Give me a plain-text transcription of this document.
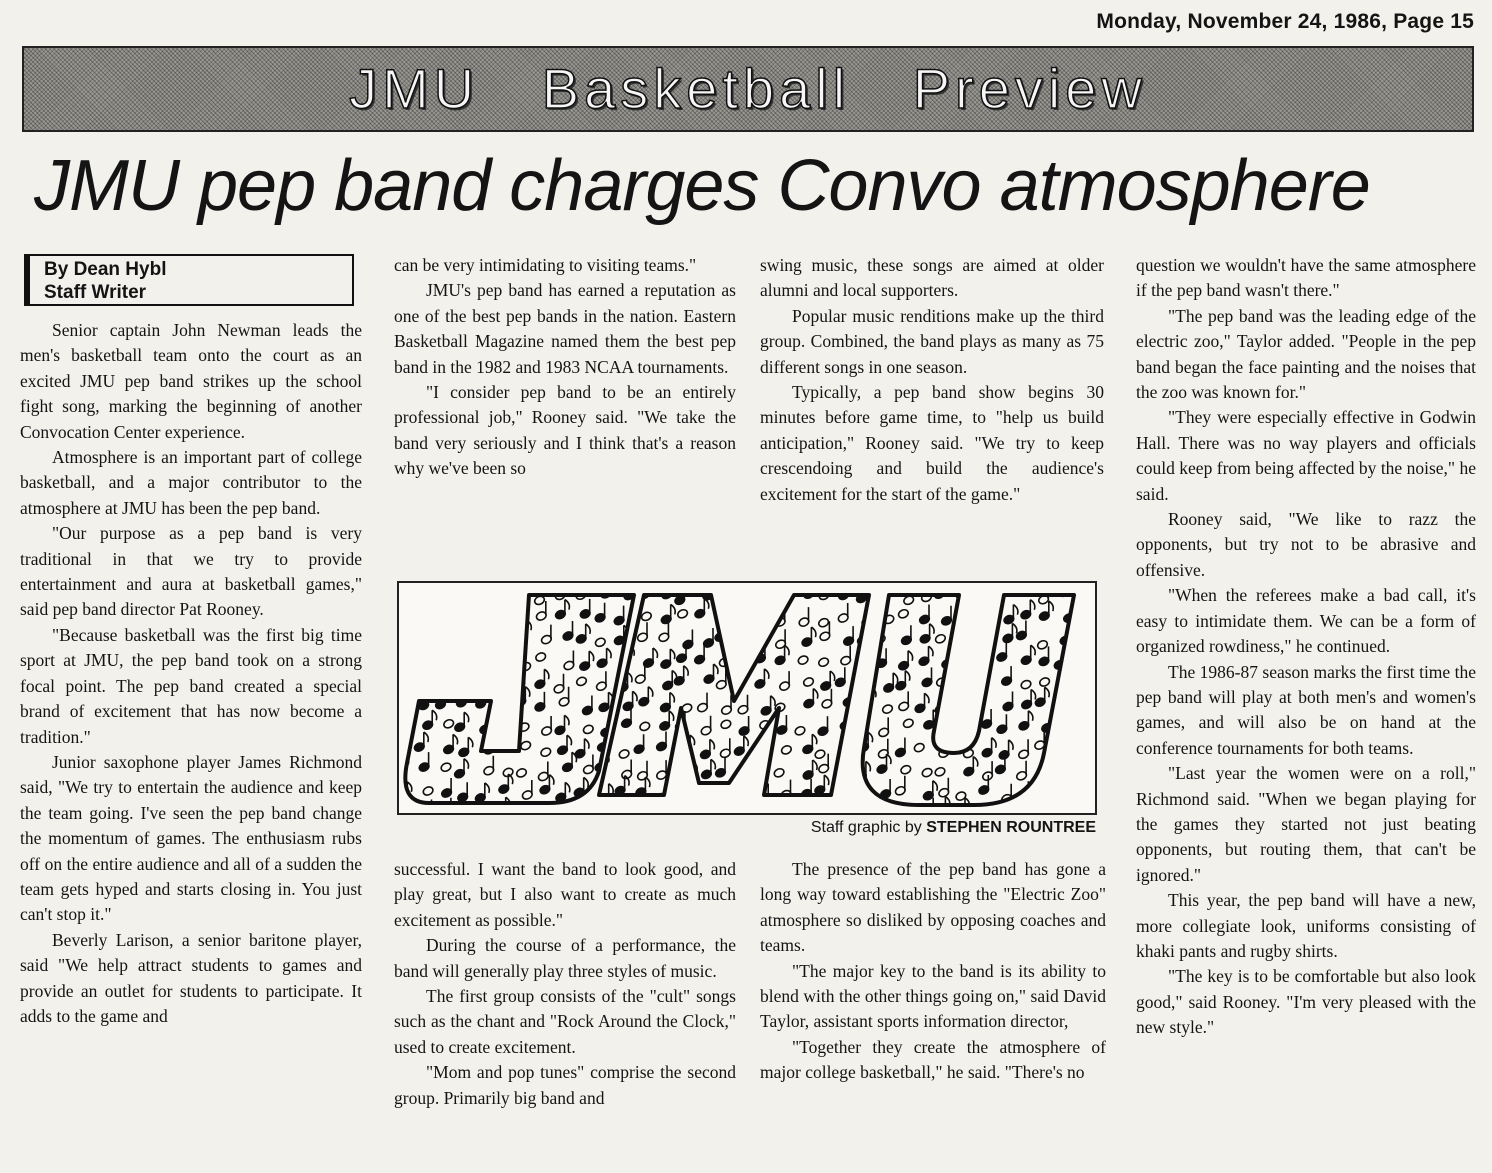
Monday, November 24, 1986, Page 15
JMU Basketball Preview
JMU pep band charges Convo atmosphere
By Dean Hybl
Staff Writer

Senior captain John Newman leads the men's basketball team onto the court as an excited JMU pep band strikes up the school fight song, marking the beginning of another Convocation Center experience.

Atmosphere is an important part of college basketball, and a major contributor to the atmosphere at JMU has been the pep band.

"Our purpose as a pep band is very traditional in that we try to provide entertainment and aura at basketball games," said pep band director Pat Rooney.

"Because basketball was the first big time sport at JMU, the pep band took on a strong focal point. The pep band created a special brand of excitement that has now become a tradition."

Junior saxophone player James Richmond said, "We try to entertain the audience and keep the team going. I've seen the pep band change the momentum of games. The enthusiasm rubs off on the entire audience and all of a sudden the team gets hyped and starts closing in. You just can't stop it."

Beverly Larison, a senior baritone player, said "We help attract students to games and provide an outlet for students to participate. It adds to the game and

can be very intimidating to visiting teams."

JMU's pep band has earned a reputation as one of the best pep bands in the nation. Eastern Basketball Magazine named them the best pep band in the 1982 and 1983 NCAA tournaments.

"I consider pep band to be an entirely professional job," Rooney said. "We take the band very seriously and I think that's a reason why we've been so

swing music, these songs are aimed at older alumni and local supporters.

Popular music renditions make up the third group. Combined, the band plays as many as 75 different songs in one season.

Typically, a pep band show begins 30 minutes before game time, to "help us build anticipation," Rooney said. "We try to keep crescendoing and build the audience's excitement for the start of the game."

Staff graphic by STEPHEN ROUNTREE

successful. I want the band to look good, and play great, but I also want to create as much excitement as possible."

During the course of a performance, the band will generally play three styles of music.

The first group consists of the "cult" songs such as the chant and "Rock Around the Clock," used to create excitement.

"Mom and pop tunes" comprise the second group. Primarily big band and

The presence of the pep band has gone a long way toward establishing the "Electric Zoo" atmosphere so disliked by opposing coaches and teams.

"The major key to the band is its ability to blend with the other things going on," said David Taylor, assistant sports information director,

"Together they create the atmosphere of major college basketball," he said. "There's no

question we wouldn't have the same atmosphere if the pep band wasn't there."

"The pep band was the leading edge of the electric zoo," Taylor added. "People in the pep band began the face painting and the noises that the zoo was known for."

"They were especially effective in Godwin Hall. There was no way players and officials could keep from being affected by the noise," he said.

Rooney said, "We like to razz the opponents, but try not to be abrasive and offensive.

"When the referees make a bad call, it's easy to intimidate them. We can be a form of organized rowdiness," he continued.

The 1986-87 season marks the first time the pep band will play at both men's and women's games, and will also be on hand at the conference tournaments for both teams.

"Last year the women were on a roll," Richmond said. "When we began playing for the games they started not just beating opponents, but routing them, that can't be ignored."

This year, the pep band will have a new, more collegiate look, uniforms consisting of khaki pants and rugby shirts.

"The key is to be comfortable but also look good," said Rooney. "I'm very pleased with the new style."
